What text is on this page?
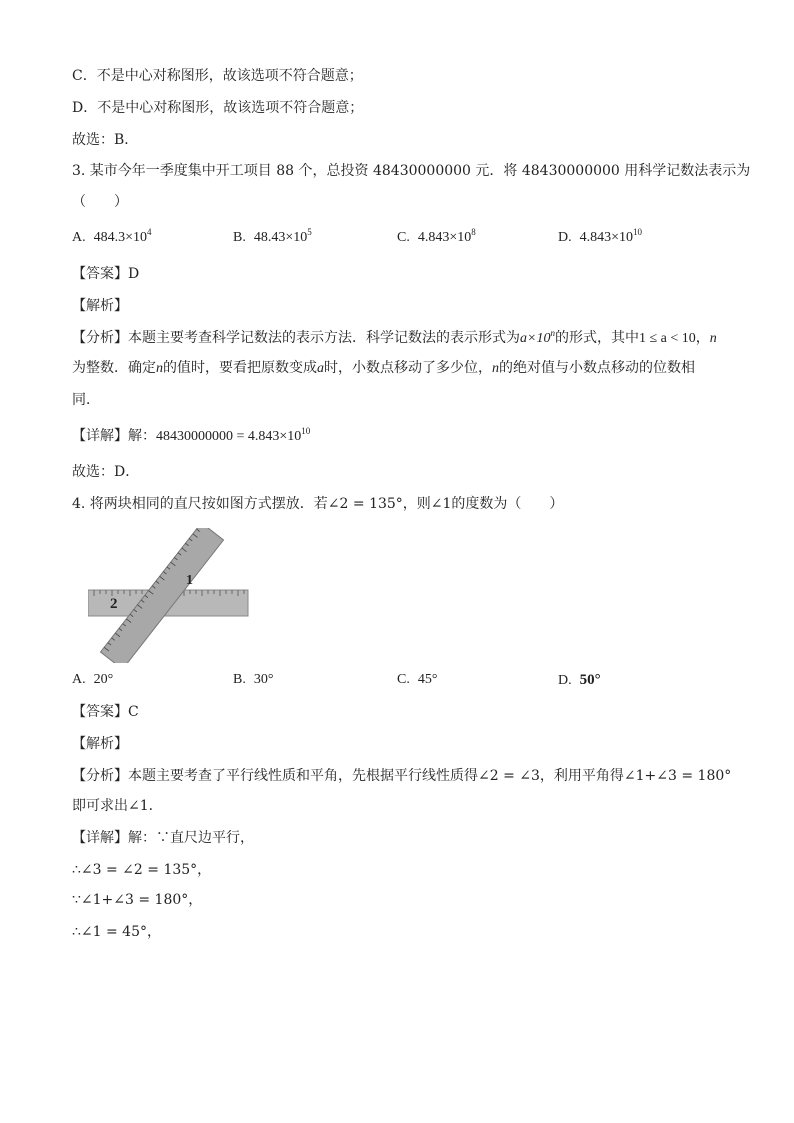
C．不是中心对称图形，故该选项不符合题意；
D．不是中心对称图形，故该选项不符合题意；
故选：B．
3. 某市今年一季度集中开工项目 88 个，总投资 48430000000 元．将 48430000000 用科学记数法表示为
（　　）
A. $484.3\times 10^4$	B. $48.43\times 10^5$	C. $4.843\times 10^8$	D. $4.843\times 10^{10}$
【答案】D
【解析】
【分析】本题主要考查科学记数法的表示方法．科学记数法的表示形式为$a\times 10^n$的形式，其中1 ≤ a < 10，n
为整数．确定n的值时，要看把原数变成a时，小数点移动了多少位，n的绝对值与小数点移动的位数相
同．
【详解】解：$48430000000 = 4.843\times 10^{10}$
故选：D．
4. 将两块相同的直尺按如图方式摆放．若∠2 = 135°，则∠1的度数为（　　）
1
2
A. 20°	B. 30°	C. 45°	D. 50°
【答案】C
【解析】
【分析】本题主要考查了平行线性质和平角，先根据平行线性质得∠2 = ∠3，利用平角得∠1+∠3 = 180°
即可求出∠1．
【详解】解：∵直尺边平行，
∴∠3 = ∠2 = 135°，
∵∠1+∠3 = 180°，
∴∠1 = 45°，
